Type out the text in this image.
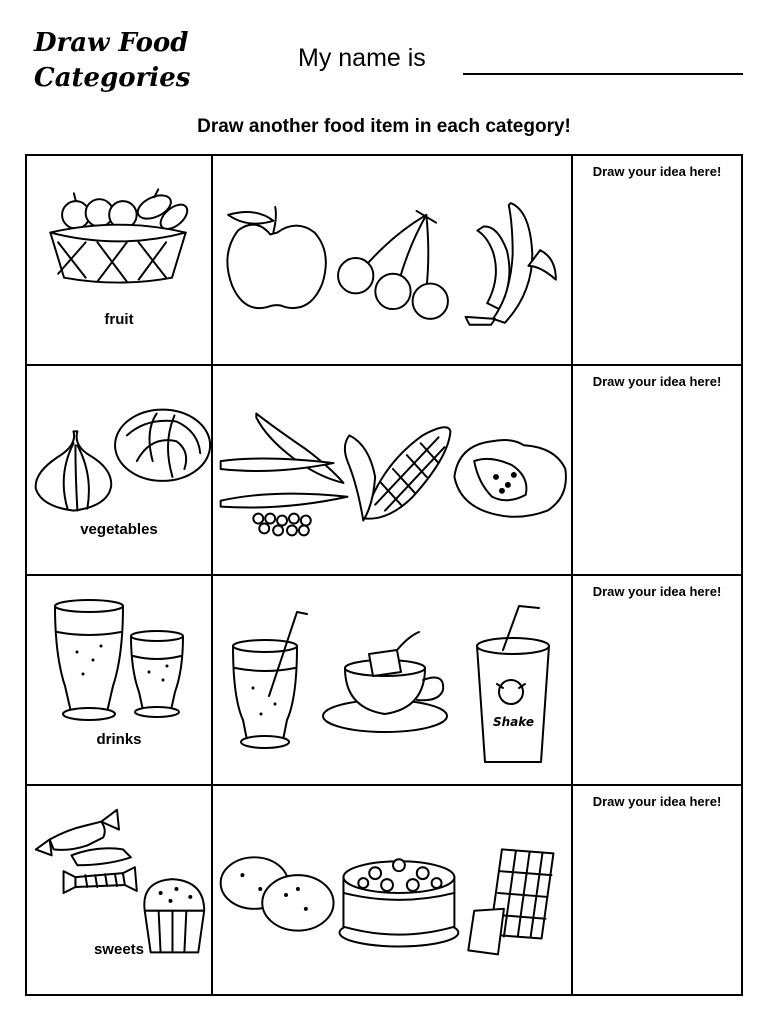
Draw Food
Categories
My name is
Draw another food item in each category!
fruit		Draw your idea here!

vegetables		Draw your idea here!

drinks	Shake	Draw your idea here!

sweets		Draw your idea here!
